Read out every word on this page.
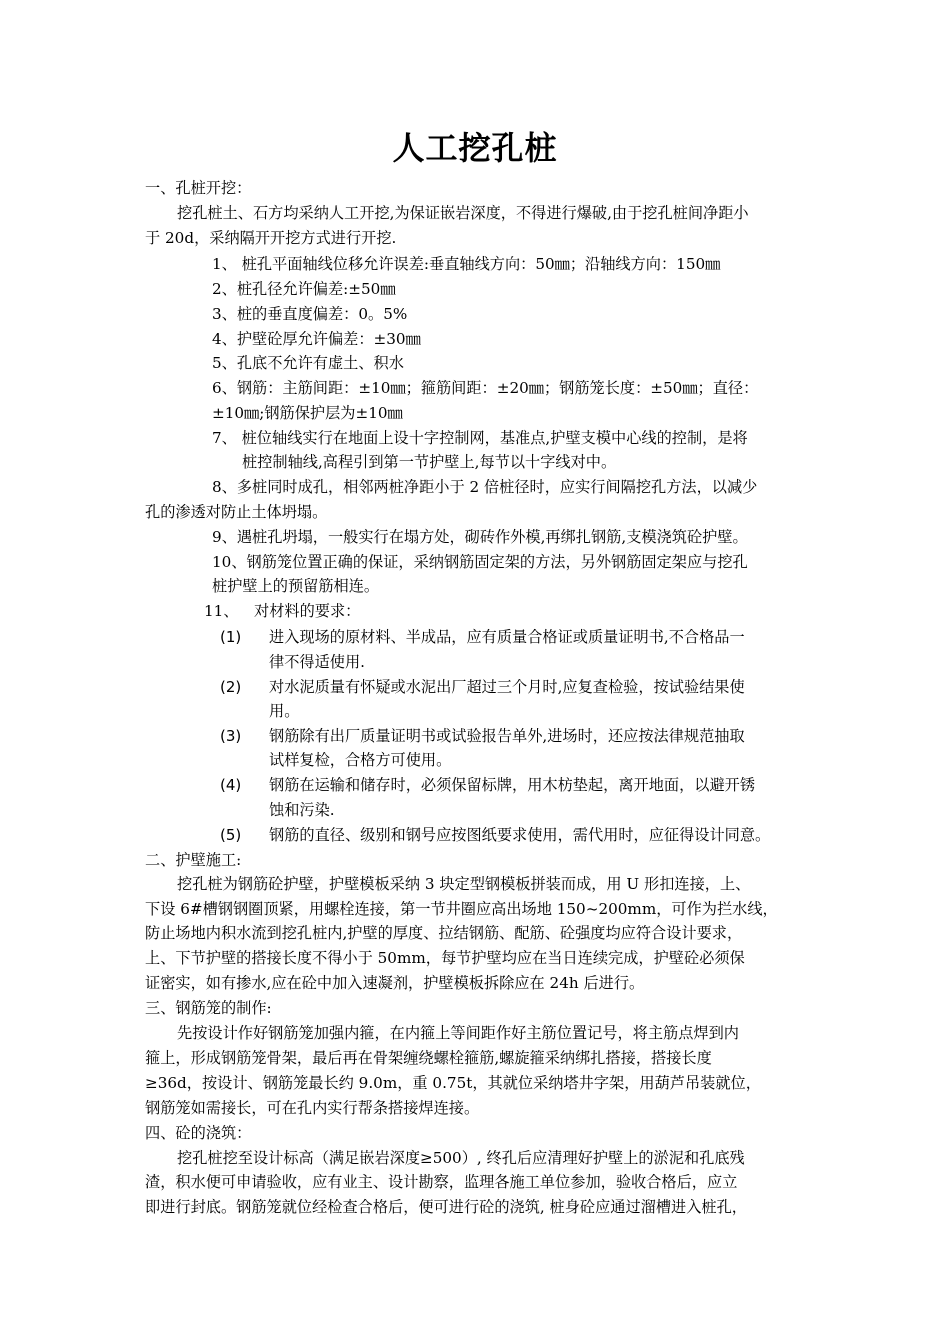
人工挖孔桩
一、孔桩开挖：
挖孔桩土、石方均采纳人工开挖,为保证嵌岩深度，不得进行爆破,由于挖孔桩间净距小
于 20d，采纳隔开开挖方式进行开挖.
1、 桩孔平面轴线位移允许误差:垂直轴线方向：50㎜；沿轴线方向：150㎜
2、桩孔径允许偏差:±50㎜
3、桩的垂直度偏差：0。5%
4、护壁砼厚允许偏差：±30㎜
5、孔底不允许有虚土、积水
6、钢筋：主筋间距：±10㎜；箍筋间距：±20㎜；钢筋笼长度：±50㎜；直径：
±10㎜;钢筋保护层为±10㎜
7、 桩位轴线实行在地面上设十字控制网，基准点,护壁支模中心线的控制，是将
桩控制轴线,高程引到第一节护壁上,每节以十字线对中。
8、多桩同时成孔，相邻两桩净距小于 2 倍桩径时，应实行间隔挖孔方法，以减少
孔的渗透对防止土体坍塌。
9、遇桩孔坍塌，一般实行在塌方处，砌砖作外模,再绑扎钢筋,支模浇筑砼护壁。
10、钢筋笼位置正确的保证，采纳钢筋固定架的方法，另外钢筋固定架应与挖孔
桩护壁上的预留筋相连。
11、 对材料的要求：
(1) 进入现场的原材料、半成品，应有质量合格证或质量证明书,不合格品一
律不得适使用.
(2) 对水泥质量有怀疑或水泥出厂超过三个月时,应复查检验，按试验结果使
用。
(3) 钢筋除有出厂质量证明书或试验报告单外,进场时，还应按法律规范抽取
试样复检，合格方可使用。
(4) 钢筋在运输和储存时，必须保留标牌，用木枋垫起，离开地面，以避开锈
蚀和污染.
(5) 钢筋的直径、级别和钢号应按图纸要求使用，需代用时，应征得设计同意。
二、护壁施工:
挖孔桩为钢筋砼护壁，护壁模板采纳 3 块定型钢模板拼装而成，用 U 形扣连接，上、
下设 6#槽钢钢圈顶紧，用螺栓连接，第一节井圈应高出场地 150~200mm，可作为拦水线，
防止场地内积水流到挖孔桩内,护壁的厚度、拉结钢筋、配筋、砼强度均应符合设计要求，
上、下节护壁的搭接长度不得小于 50mm，每节护壁均应在当日连续完成，护壁砼必须保
证密实，如有掺水,应在砼中加入速凝剂，护壁模板拆除应在 24h 后进行。
三、钢筋笼的制作:
先按设计作好钢筋笼加强内箍，在内箍上等间距作好主筋位置记号，将主筋点焊到内
箍上，形成钢筋笼骨架，最后再在骨架缠绕螺栓箍筋,螺旋箍采纳绑扎搭接，搭接长度
≥36d，按设计、钢筋笼最长约 9.0m，重 0.75t，其就位采纳塔井字架，用葫芦吊装就位，
钢筋笼如需接长，可在孔内实行帮条搭接焊连接。
四、砼的浇筑：
挖孔桩挖至设计标高（满足嵌岩深度≥500）, 终孔后应清理好护壁上的淤泥和孔底残
渣，积水便可申请验收，应有业主、设计勘察，监理各施工单位参加，验收合格后，应立
即进行封底。钢筋笼就位经检查合格后，便可进行砼的浇筑, 桩身砼应通过溜槽进入桩孔，
